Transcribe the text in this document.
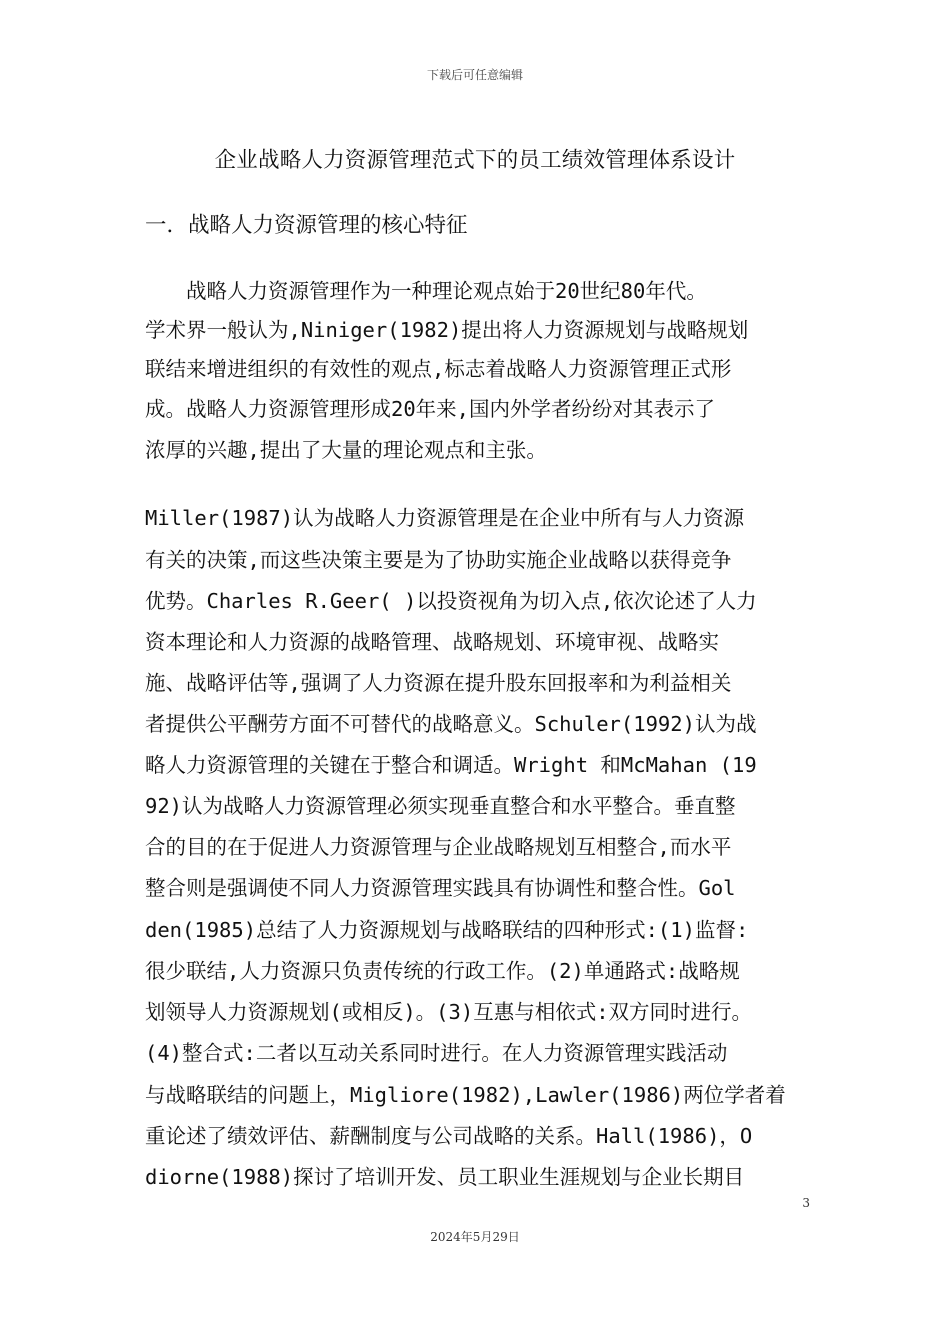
下载后可任意编辑
企业战略人力资源管理范式下的员工绩效管理体系设计
一．战略人力资源管理的核心特征
　　战略人力资源管理作为一种理论观点始于20世纪80年代。
学术界一般认为,Niniger(1982)提出将人力资源规划与战略规划
联结来增进组织的有效性的观点,标志着战略人力资源管理正式形
成。战略人力资源管理形成20年来,国内外学者纷纷对其表示了
浓厚的兴趣,提出了大量的理论观点和主张。
Miller(1987)认为战略人力资源管理是在企业中所有与人力资源
有关的决策,而这些决策主要是为了协助实施企业战略以获得竞争
优势。Charles R.Geer( )以投资视角为切入点,依次论述了人力
资本理论和人力资源的战略管理、战略规划、环境审视、战略实
施、战略评估等,强调了人力资源在提升股东回报率和为利益相关
者提供公平酬劳方面不可替代的战略意义。Schuler(1992)认为战
略人力资源管理的关键在于整合和调适。Wright 和McMahan (19
92)认为战略人力资源管理必须实现垂直整合和水平整合。垂直整
合的目的在于促进人力资源管理与企业战略规划互相整合,而水平
整合则是强调使不同人力资源管理实践具有协调性和整合性。Gol
den(1985)总结了人力资源规划与战略联结的四种形式:(1)监督:
很少联结,人力资源只负责传统的行政工作。(2)单通路式:战略规
划领导人力资源规划(或相反)。(3)互惠与相依式:双方同时进行。
(4)整合式:二者以互动关系同时进行。在人力资源管理实践活动
与战略联结的问题上，Migliore(1982),Lawler(1986)两位学者着
重论述了绩效评估、薪酬制度与公司战略的关系。Hall(1986)，O
diorne(1988)探讨了培训开发、员工职业生涯规划与企业长期目
3
2024年5月29日
